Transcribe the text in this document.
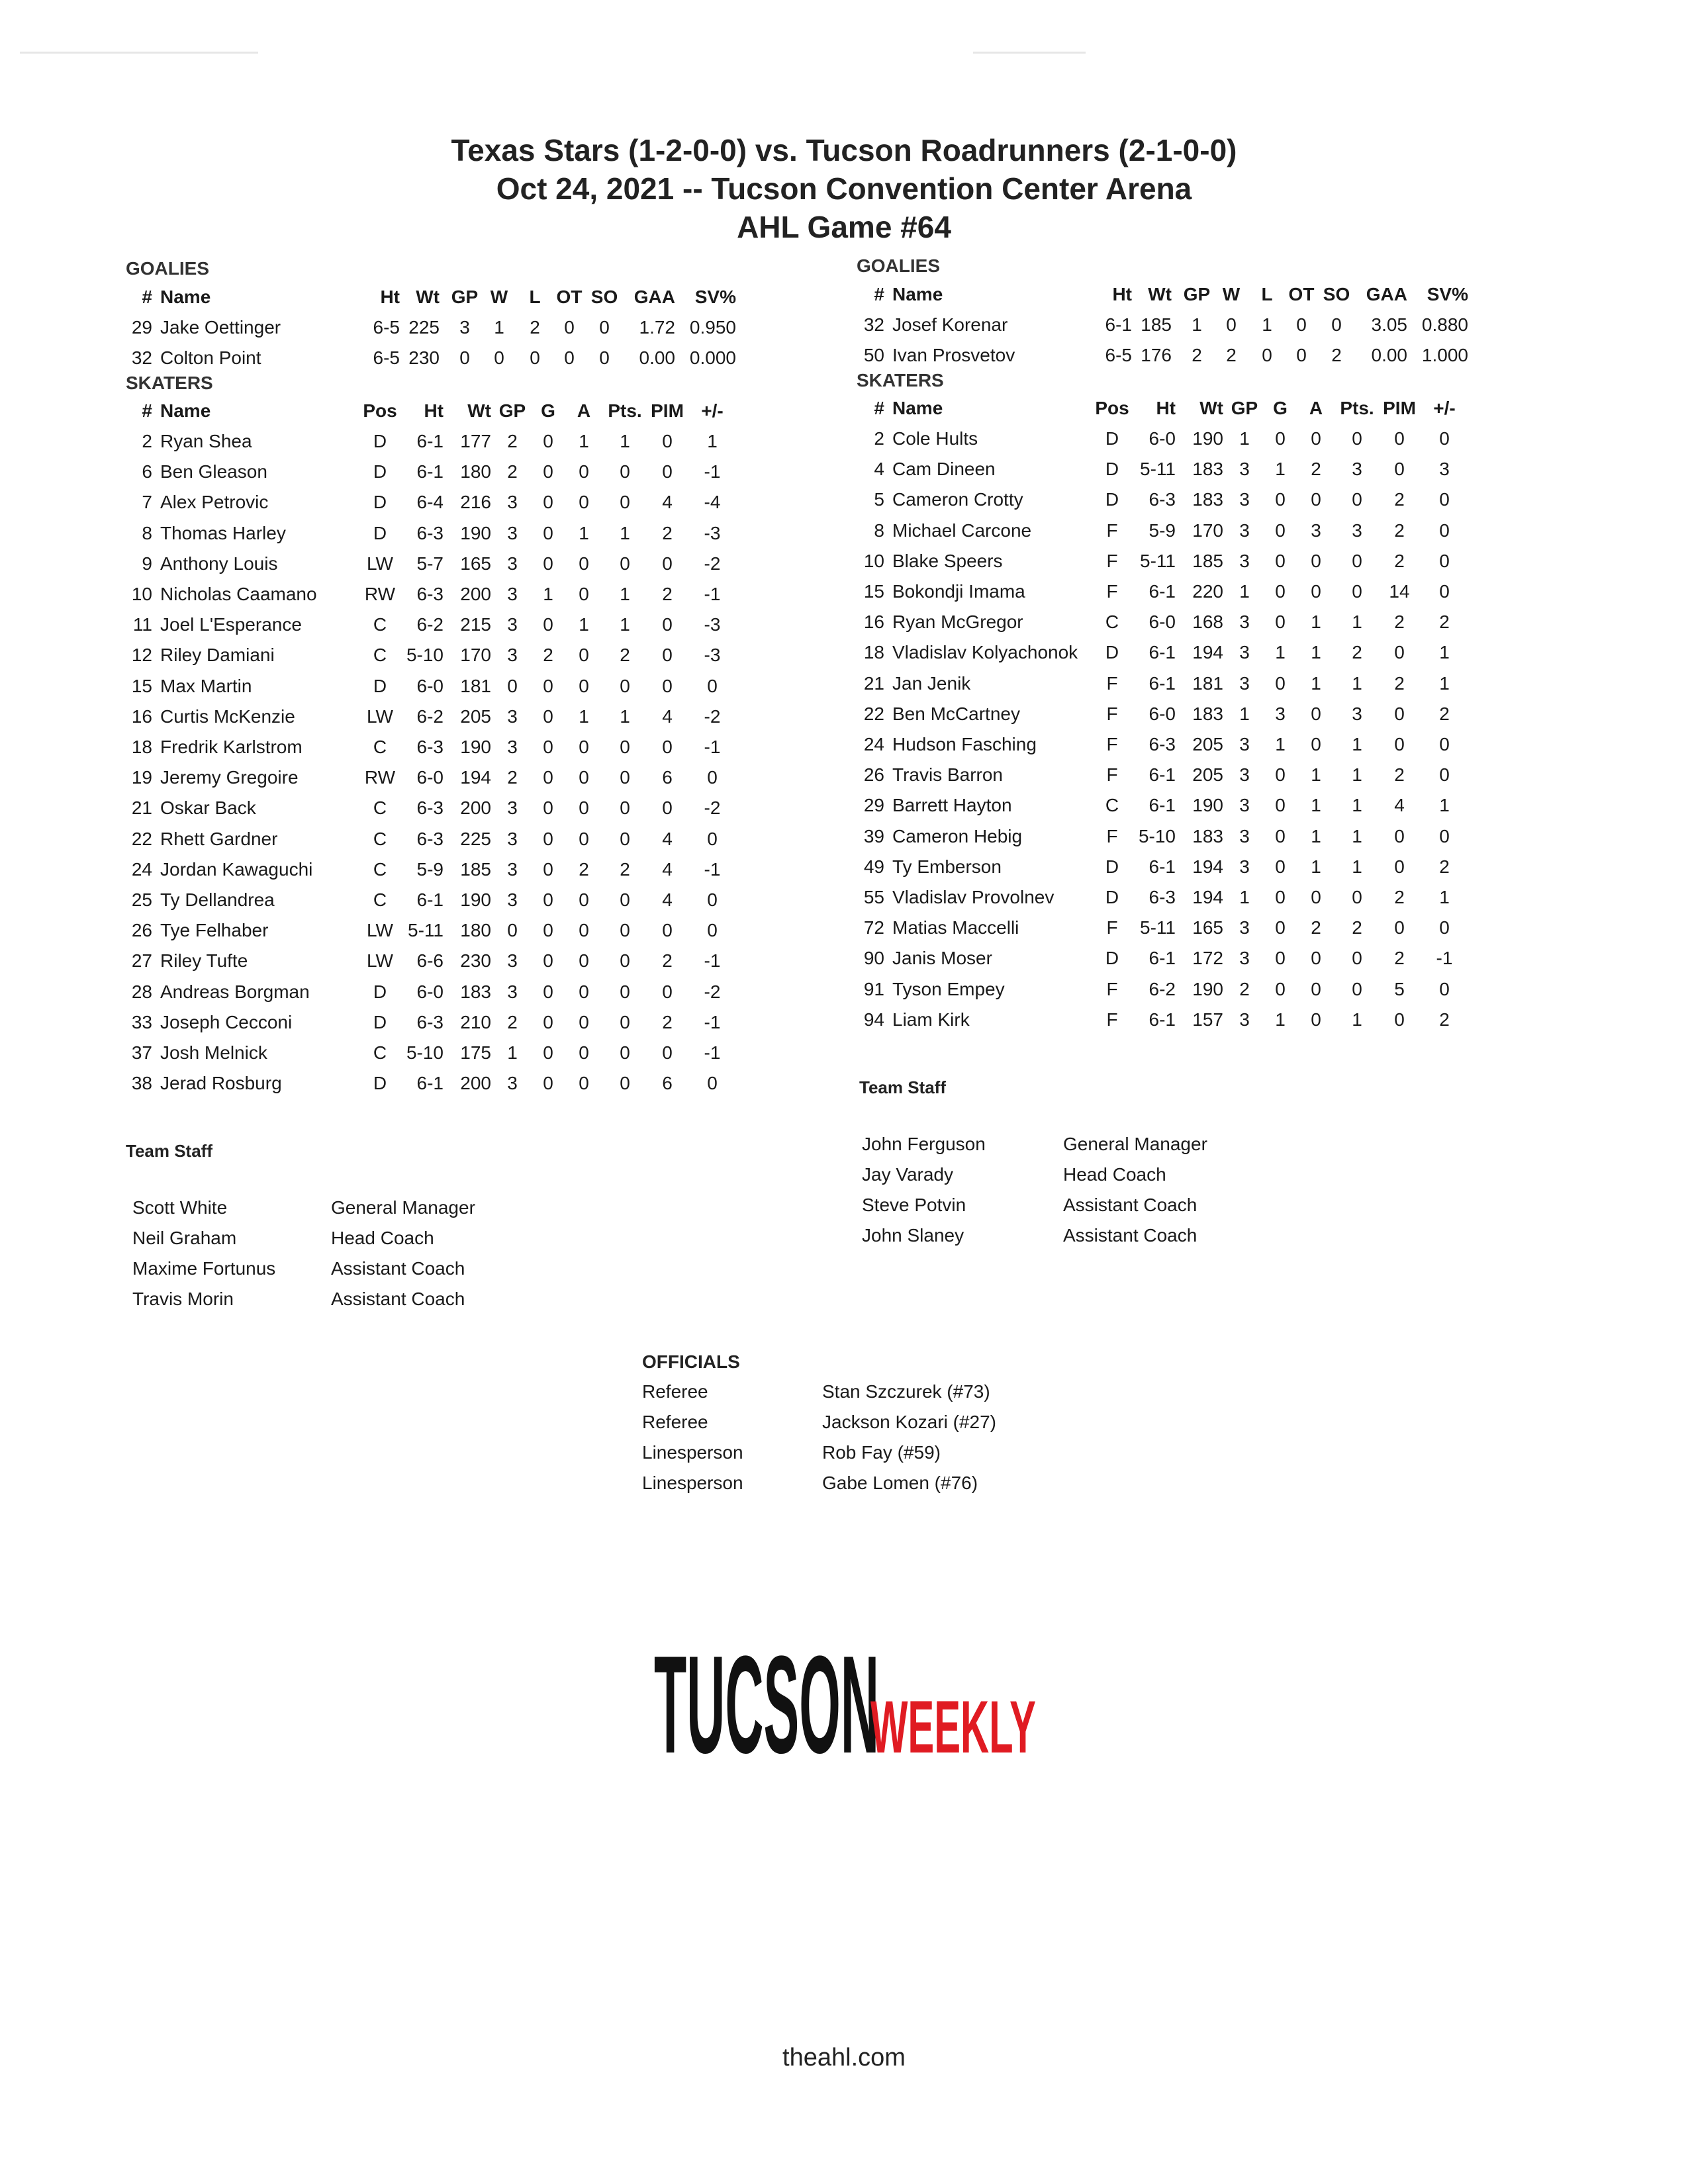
Texas Stars (1-2-0-0) vs. Tucson Roadrunners (2-1-0-0)
Oct 24, 2021 -- Tucson Convention Center Arena
AHL Game #64
GOALIES
# Name	Ht Wt GP W	L OT SO GAA	SV%
29 Jake Oettinger	6-5 225	3	1	2	0	0	1.72 0.950
32 Colton Point	6-5 230	0	0	0	0	0	0.00 0.000
SKATERS
# Name	Pos	Ht	Wt GP G	A Pts. PIM +/-
2 Ryan Shea	D	6-1 177 2	0	1	1	0	1
6 Ben Gleason	D	6-1 180 2	0	0	0	0	-1
7 Alex Petrovic	D	6-4 216 3	0	0	0	4	-4
8 Thomas Harley	D	6-3 190 3	0	1	1	2	-3
9 Anthony Louis	LW	5-7 165 3	0	0	0	0	-2
10 Nicholas Caamano	RW	6-3 200 3	1	0	1	2	-1
11 Joel L'Esperance	C	6-2 215 3	0	1	1	0	-3
12 Riley Damiani	C	5-10 170 3	2	0	2	0	-3
15 Max Martin	D	6-0 181 0	0	0	0	0	0
16 Curtis McKenzie	LW	6-2 205 3	0	1	1	4	-2
18 Fredrik Karlstrom	C	6-3 190 3	0	0	0	0	-1
19 Jeremy Gregoire	RW	6-0 194 2	0	0	0	6	0
21 Oskar Back	C	6-3 200 3	0	0	0	0	-2
22 Rhett Gardner	C	6-3 225 3	0	0	0	4	0
24 Jordan Kawaguchi	C	5-9 185 3	0	2	2	4	-1
25 Ty Dellandrea	C	6-1 190 3	0	0	0	4	0
26 Tye Felhaber	LW 5-11 180 0	0	0	0	0	0
27 Riley Tufte	LW	6-6 230 3	0	0	0	2	-1
28 Andreas Borgman	D	6-0 183 3	0	0	0	0	-2
33 Joseph Cecconi	D	6-3 210 2	0	0	0	2	-1
37 Josh Melnick	C	5-10 175 1	0	0	0	0	-1
38 Jerad Rosburg	D	6-1 200 3	0	0	0	6	0
Team Staff
Scott White	General Manager
Neil Graham	Head Coach
Maxime Fortunus	Assistant Coach
Travis Morin	Assistant Coach
GOALIES
# Name	Ht Wt GP W	L OT SO GAA	SV%
32 Josef Korenar	6-1 185	1	0	1	0	0	3.05 0.880
50 Ivan Prosvetov	6-5 176	2	2	0	0	2	0.00 1.000
SKATERS
# Name	Pos	Ht	Wt GP G	A Pts. PIM +/-
2 Cole Hults	D	6-0 190 1	0	0	0	0	0
4 Cam Dineen	D	5-11 183 3	1	2	3	0	3
5 Cameron Crotty	D	6-3 183 3	0	0	0	2	0
8 Michael Carcone	F	5-9 170 3	0	3	3	2	0
10 Blake Speers	F	5-11 185 3	0	0	0	2	0
15 Bokondji Imama	F	6-1 220 1	0	0	0	14	0
16 Ryan McGregor	C	6-0 168 3	0	1	1	2	2
18 Vladislav Kolyachonok	D	6-1 194 3	1	1	2	0	1
21 Jan Jenik	F	6-1 181 3	0	1	1	2	1
22 Ben McCartney	F	6-0 183 1	3	0	3	0	2
24 Hudson Fasching	F	6-3 205 3	1	0	1	0	0
26 Travis Barron	F	6-1 205 3	0	1	1	2	0
29 Barrett Hayton	C	6-1 190 3	0	1	1	4	1
39 Cameron Hebig	F	5-10 183 3	0	1	1	0	0
49 Ty Emberson	D	6-1 194 3	0	1	1	0	2
55 Vladislav Provolnev	D	6-3 194 1	0	0	0	2	1
72 Matias Maccelli	F	5-11 165 3	0	2	2	0	0
90 Janis Moser	D	6-1 172 3	0	0	0	2	-1
91 Tyson Empey	F	6-2 190 2	0	0	0	5	0
94 Liam Kirk	F	6-1 157 3	1	0	1	0	2
Team Staff
John Ferguson	General Manager
Jay Varady	Head Coach
Steve Potvin	Assistant Coach
John Slaney	Assistant Coach
OFFICIALS
Referee	Stan Szczurek (#73)
Referee	Jackson Kozari (#27)
Linesperson	Rob Fay (#59)
Linesperson	Gabe Lomen (#76)
TUCSON
WEEKLY
theahl.com
